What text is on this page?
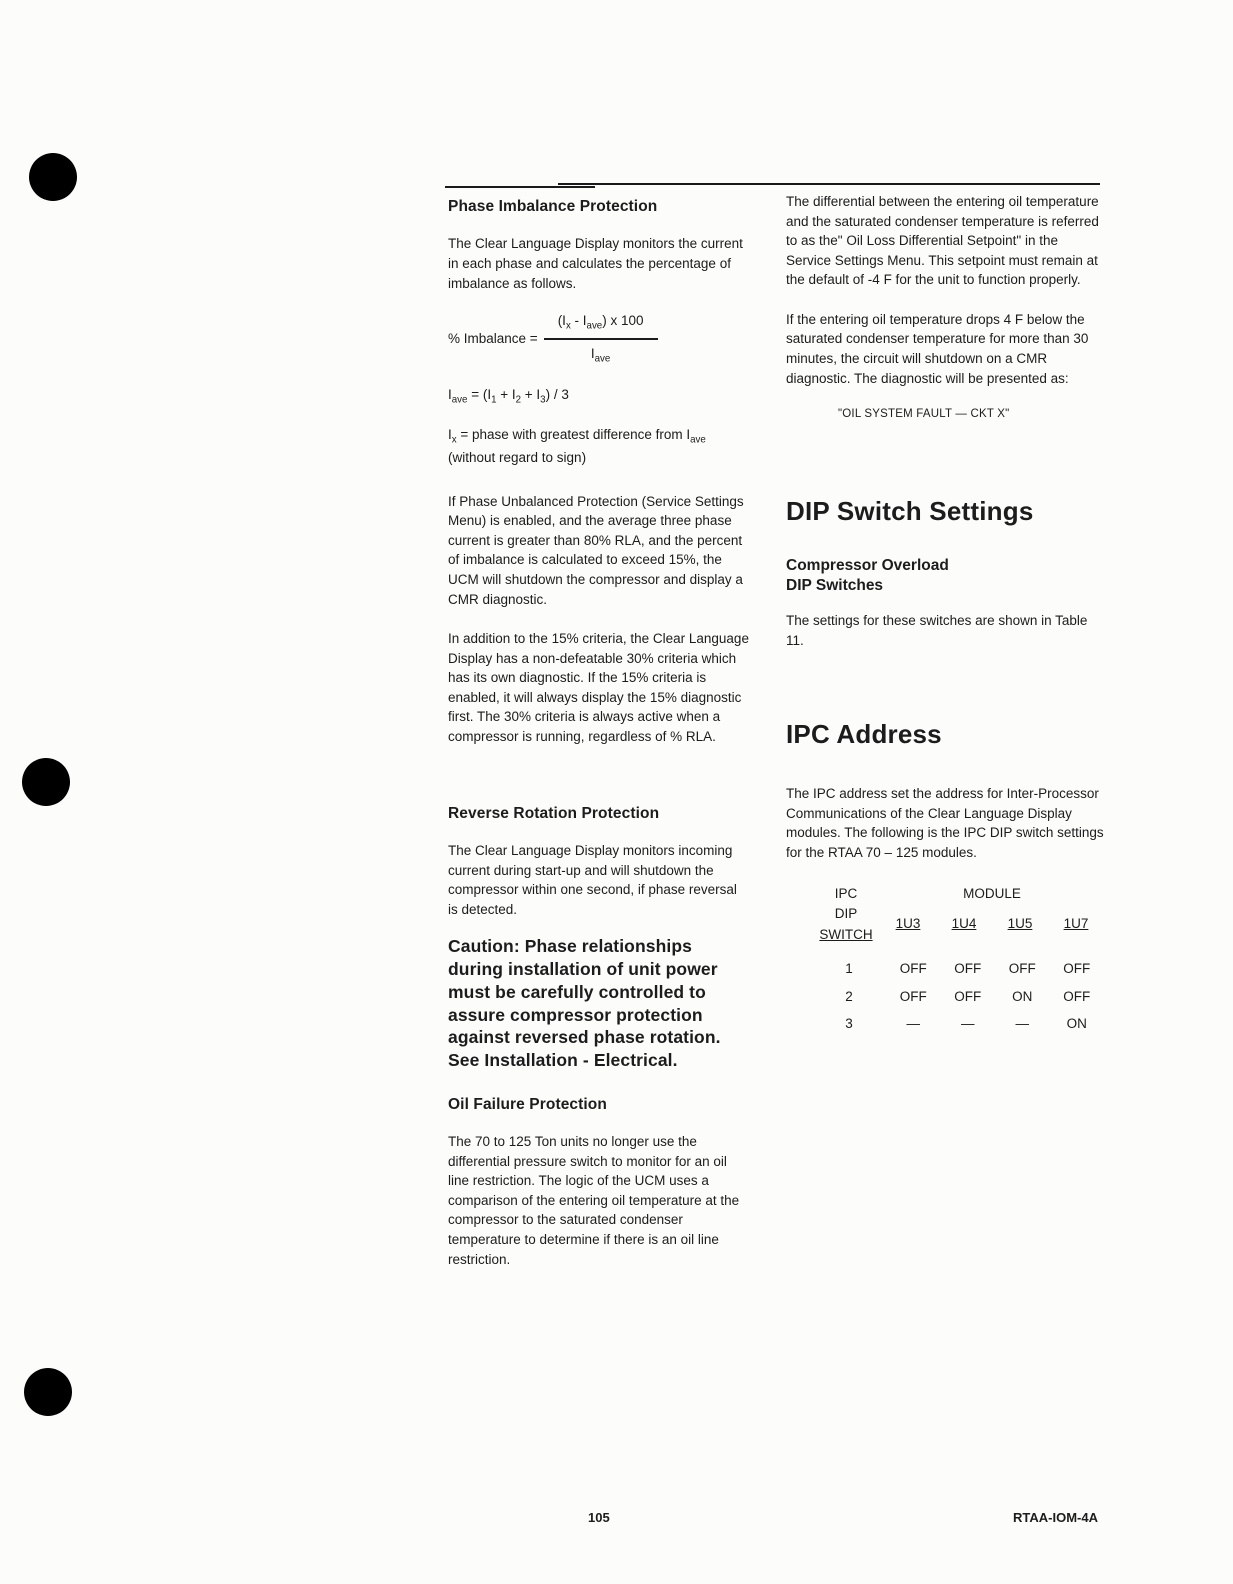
Phase Imbalance Protection

The Clear Language Display monitors the current in each phase and calculates the percentage of imbalance as follows.

% Imbalance = $\frac{(I_x - I_{ave}) x 100}{I_{ave}}$
$I_{ave} = (I_1 + I_2 + I_3) / 3$
$I_x$ = phase with greatest difference from $I_{ave}$ (without regard to sign)

If Phase Unbalanced Protection (Service Settings Menu) is enabled, and the average three phase current is greater than 80% RLA, and the percent of imbalance is calculated to exceed 15%, the UCM will shutdown the compressor and display a CMR diagnostic.

In addition to the 15% criteria, the Clear Language Display has a non-defeatable 30% criteria which has its own diagnostic. If the 15% criteria is enabled, it will always display the 15% diagnostic first. The 30% criteria is always active when a compressor is running, regardless of % RLA.

Reverse Rotation Protection

The Clear Language Display monitors incoming current during start-up and will shutdown the compressor within one second, if phase reversal is detected.

Caution: Phase relationships during installation of unit power must be carefully controlled to assure compressor protection against reversed phase rotation. See Installation - Electrical.
Oil Failure Protection

The 70 to 125 Ton units no longer use the differential pressure switch to monitor for an oil line restriction. The logic of the UCM uses a comparison of the entering oil temperature at the compressor to the saturated condenser temperature to determine if there is an oil line restriction.

The differential between the entering oil temperature and the saturated condenser temperature is referred to as the" Oil Loss Differential Setpoint" in the Service Settings Menu. This setpoint must remain at the default of -4 F for the unit to function properly.

If the entering oil temperature drops 4 F below the saturated condenser temperature for more than 30 minutes, the circuit will shutdown on a CMR diagnostic. The diagnostic will be presented as:

"OIL SYSTEM FAULT — CKT X"
DIP Switch Settings
Compressor Overload
DIP Switches

The settings for these switches are shown in Table 11.

IPC Address

The IPC address set the address for Inter-Processor Communications of the Clear Language Display modules. The following is the IPC DIP switch settings for the RTAA 70 – 125 modules.

IPC
DIP
SWITCH
MODULE
1U3	1U4	1U5	1U7
1	OFF	OFF	OFF	OFF
2	OFF	OFF	ON	OFF
3	—	—	—	ON
105	RTAA-IOM-4A
